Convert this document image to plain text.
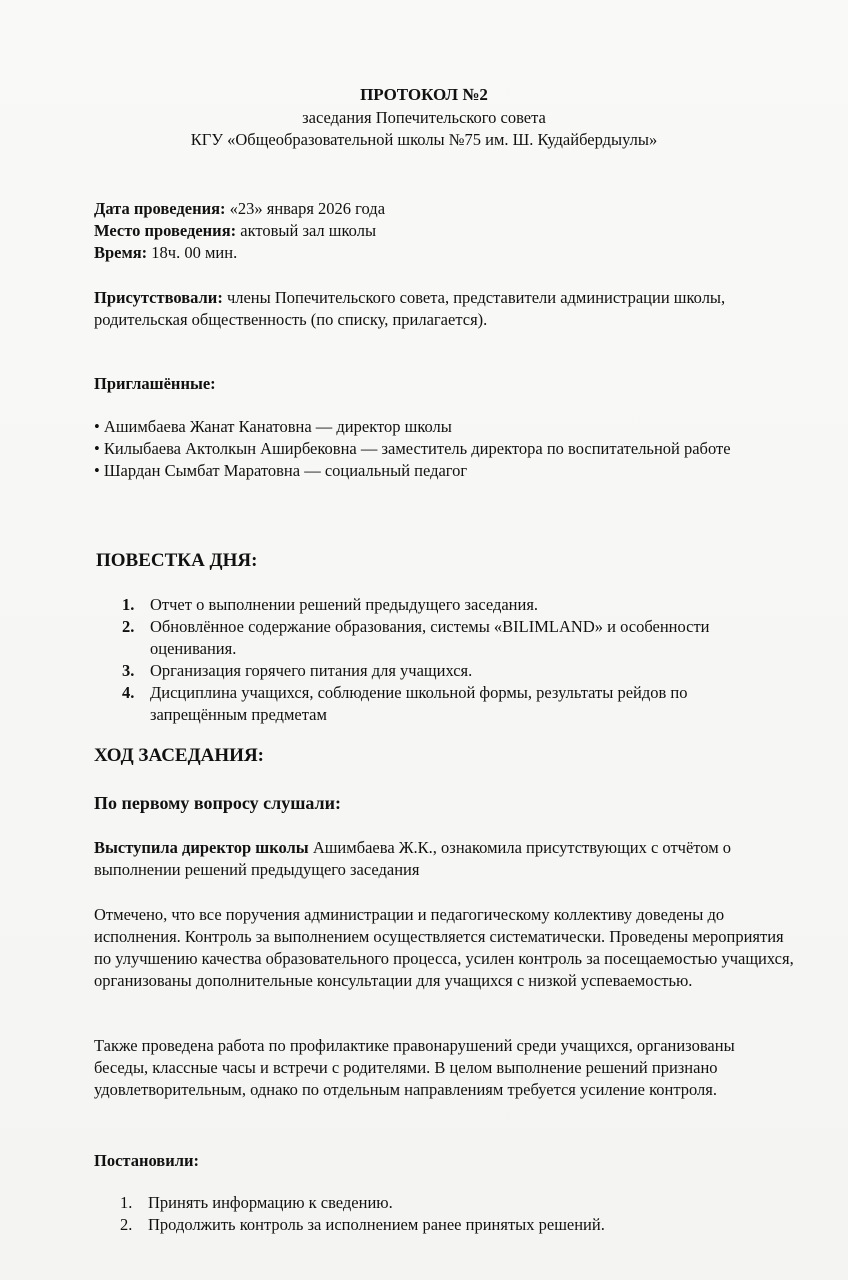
ПРОТОКОЛ №2
заседания Попечительского совета
КГУ «Общеобразовательной школы №75 им. Ш. Кудайбердыулы»
Дата проведения: «23» января 2026 года
Место проведения: актовый зал школы
Время: 18ч. 00 мин.
Присутствовали: члены Попечительского совета, представители администрации школы, родительская общественность (по списку, прилагается).
Приглашённые:
• Ашимбаева Жанат Канатовна — директор школы
• Килыбаева Актолкын Аширбековна — заместитель директора по воспитательной работе
• Шардан Сымбат Маратовна — социальный педагог
ПОВЕСТКА ДНЯ:
1. Отчет о выполнении решений предыдущего заседания.
2. Обновлённое содержание образования, системы «BILIMLAND» и особенности оценивания.
3. Организация горячего питания для учащихся.
4. Дисциплина учащихся, соблюдение школьной формы, результаты рейдов по запрещённым предметам
ХОД ЗАСЕДАНИЯ:
По первому вопросу слушали:
Выступила директор школы Ашимбаева Ж.К., ознакомила присутствующих с отчётом о выполнении решений предыдущего заседания

Отмечено, что все поручения администрации и педагогическому коллективу доведены до исполнения. Контроль за выполнением осуществляется систематически. Проведены мероприятия по улучшению качества образовательного процесса, усилен контроль за посещаемостью учащихся, организованы дополнительные консультации для учащихся с низкой успеваемостью.

Также проведена работа по профилактике правонарушений среди учащихся, организованы беседы, классные часы и встречи с родителями. В целом выполнение решений признано удовлетворительным, однако по отдельным направлениям требуется усиление контроля.

Постановили:
1. Принять информацию к сведению.
2. Продолжить контроль за исполнением ранее принятых решений.
